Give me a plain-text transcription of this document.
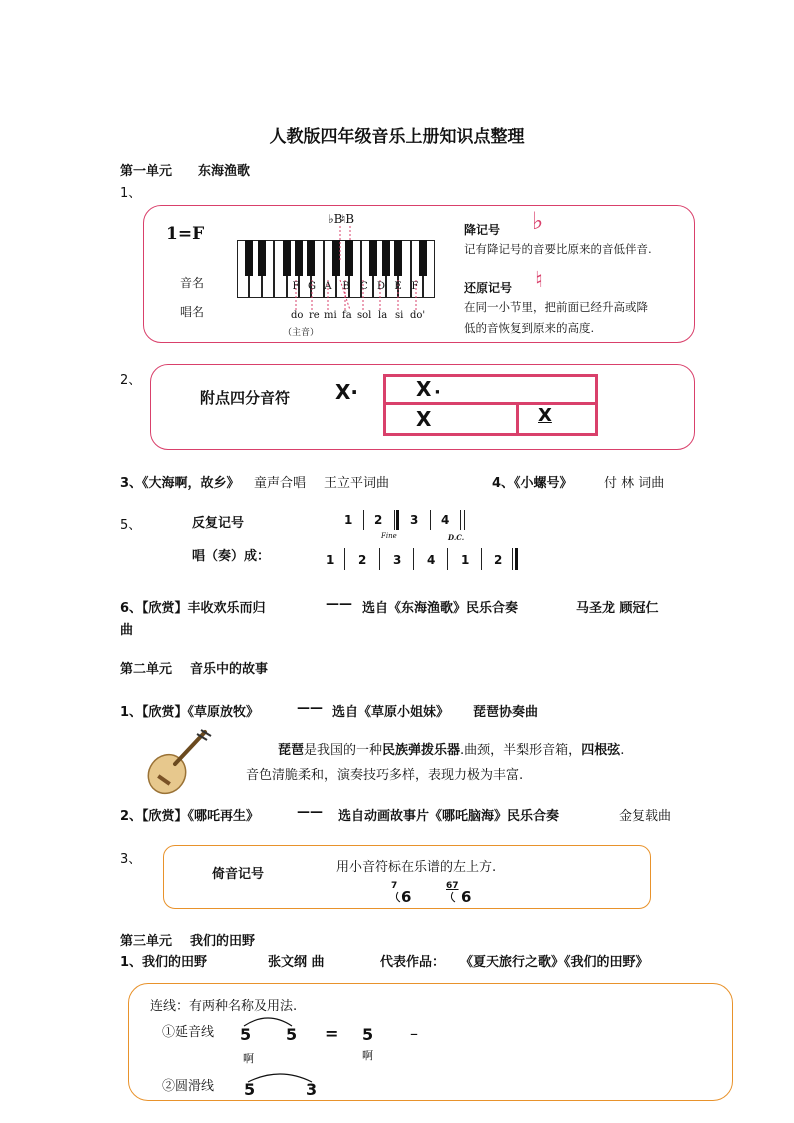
人教版四年级音乐上册知识点整理
第一单元 东海渔歌
1、
1=F
音名
唱名
♭B
♮B
F G A	B	C D E F
do re mi fa sol la si do'
（主音）
降记号 ♭
记有降记号的音要比原来的音低伴音.
还原记号 ♮
在同一小节里，把前面已经升高或降
低的音恢复到原来的高度.
2、
附点四分音符 X·	X ·
X	X
3、《大海啊，故乡》 童声合唱 王立平词曲	4、《小螺号》 付 林 词曲
5、	反复记号	1 2
Fine
3 4
D.C.
唱（奏）成：	1 2 3 4 1 2
6、【欣赏】丰收欢乐而归	—— 选自《东海渔歌》民乐合奏	马圣龙 顾冠仁
曲
第二单元 音乐中的故事
1、【欣赏】《草原放牧》	—— 选自《草原小姐妹》 琵琶协奏曲
琵琶是我国的一种民族弹拨乐器.曲颈，半梨形音箱，四根弦.
音色清脆柔和，演奏技巧多样，表现力极为丰富.
2、【欣赏】《哪吒再生》	—— 选自动画故事片《哪吒脑海》民乐合奏	金复载曲
3、
倚音记号	用小音符标在乐谱的左上方.
7
6
67
6
第三单元 我们的田野
1、我们的田野	张文纲 曲	代表作品： 《夏天旅行之歌》《我们的田野》
连线：有两种名称及用法.
①延音线 5 5 = 5 –
啊	啊
②圆滑线 5	3
